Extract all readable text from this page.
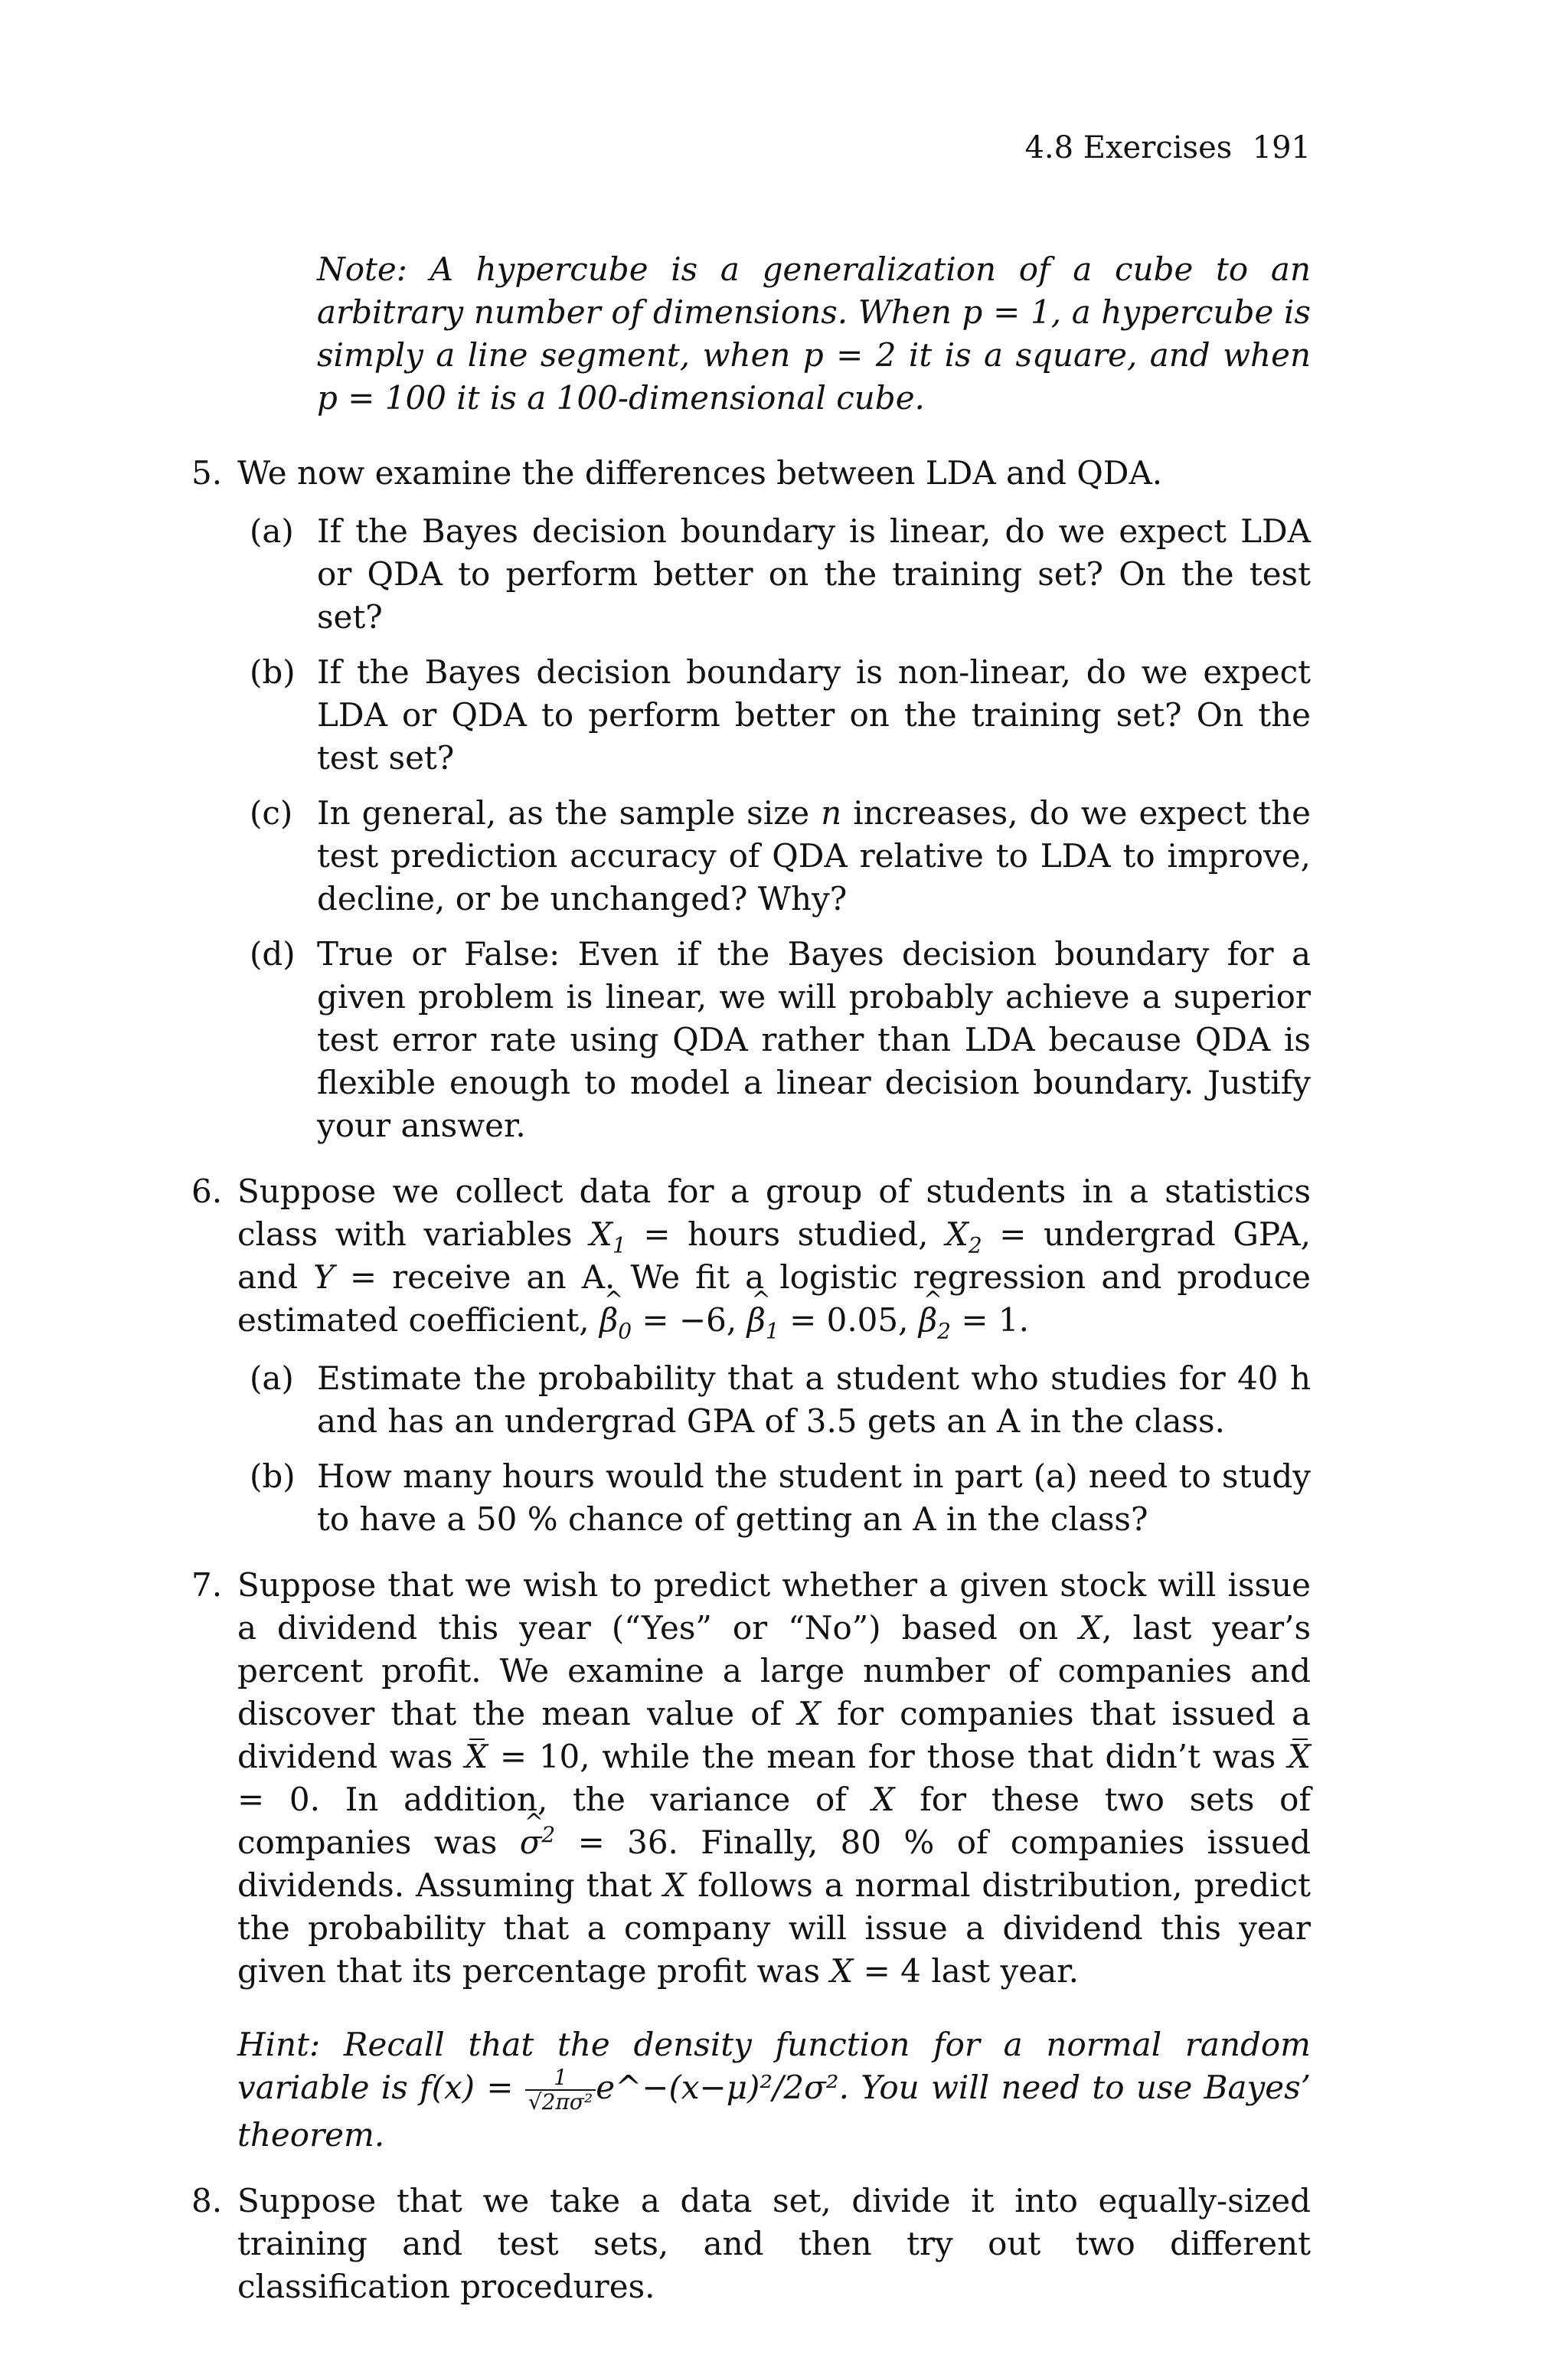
4.8 Exercises 191

Note: A hypercube is a generalization of a cube to an arbitrary number of dimensions. When p = 1, a hypercube is simply a line segment, when p = 2 it is a square, and when p = 100 it is a 100-dimensional cube.

5. We now examine the differences between LDA and QDA.

(a) If the Bayes decision boundary is linear, do we expect LDA or QDA to perform better on the training set? On the test set?
(b) If the Bayes decision boundary is non-linear, do we expect LDA or QDA to perform better on the training set? On the test set?
(c) In general, as the sample size n increases, do we expect the test prediction accuracy of QDA relative to LDA to improve, decline, or be unchanged? Why?
(d) True or False: Even if the Bayes decision boundary for a given problem is linear, we will probably achieve a superior test error rate using QDA rather than LDA because QDA is flexible enough to model a linear decision boundary. Justify your answer.
6. Suppose we collect data for a group of students in a statistics class with variables $X_1$ = hours studied, $X_2$ = undergrad GPA, and Y = receive an A. We fit a logistic regression and produce estimated coefficient, ^ $\beta_0 = -6$, ^ $\beta_1 = 0.05$, ^ $\beta_2 = 1$.

(a) Estimate the probability that a student who studies for 40 h and has an undergrad GPA of 3.5 gets an A in the class.
(b) How many hours would the student in part (a) need to study to have a 50 % chance of getting an A in the class?
7. Suppose that we wish to predict whether a given stock will issue a dividend this year (“Yes” or “No”) based on X, last year’s percent profit. We examine a large number of companies and discover that the mean value of X for companies that issued a dividend was X = 10, while the mean for those that didn’t was X = 0. In addition, the variance of X for these two sets of companies was ^ $\sigma^2 = 36$. Finally, 80 % of companies issued dividends. Assuming that X follows a normal distribution, predict the probability that a company will issue a dividend this year given that its percentage profit was X = 4 last year.

Hint: Recall that the density function for a normal random variable is $f(x) = \frac{1}{\text{√2πσ²}}$ e^−(x−μ)²/2σ². You will need to use Bayes’ theorem.

8. Suppose that we take a data set, divide it into equally-sized training and test sets, and then try out two different classification procedures.
